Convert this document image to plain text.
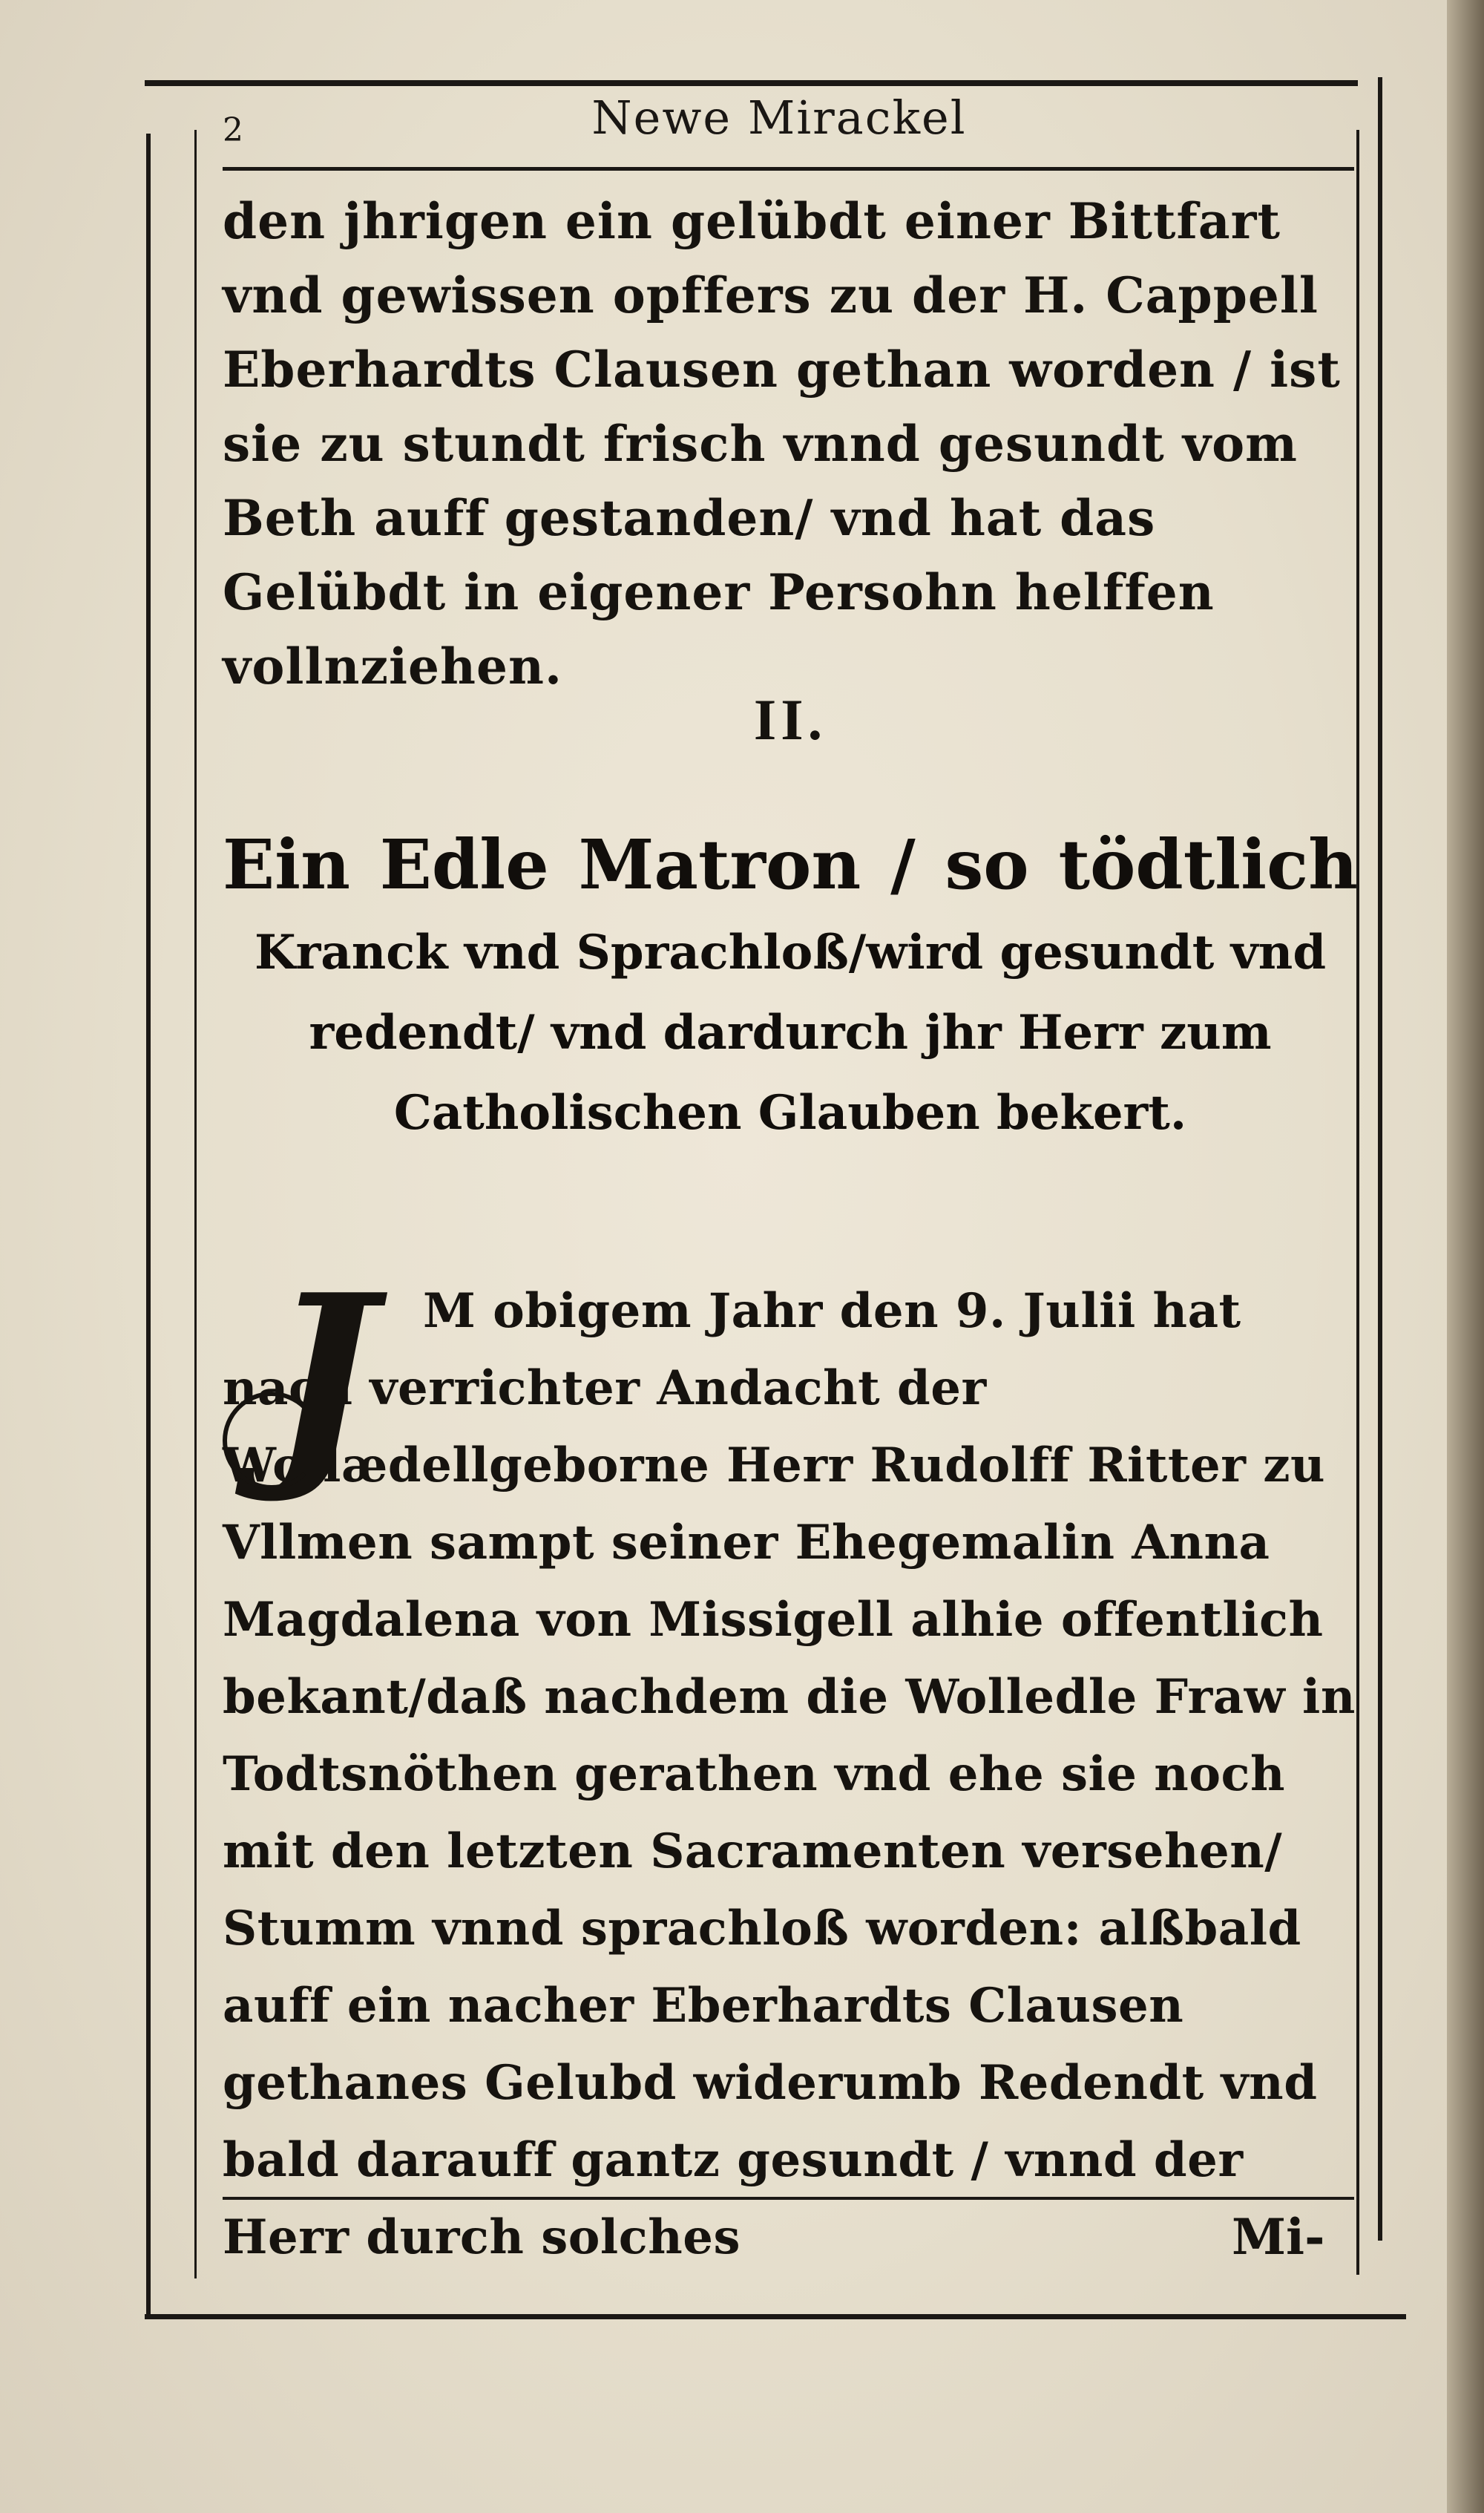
2	Newe Mirackel
den jhrigen ein gelübdt einer Bittfart vnd gewissen opffers zu der H. Cappell Eberhardts Clausen gethan worden / ist sie zu stundt frisch vnnd gesundt vom Beth auff gestanden/ vnd hat das Gelübdt in eigener Persohn helffen vollnziehen.
II.
Ein Edle Matron / so tödtlich
Kranck vnd Sprachloß/wird gesundt vnd redendt/ vnd dardurch jhr Herr zum Catholischen Glauben bekert.
J	M obigem Jahr den 9. Julii hat nach verrichter Andacht der Wollædellgeborne Herr Rudolff Ritter zu Vllmen sampt seiner Ehegemalin Anna Magdalena von Missigell alhie offentlich bekant/daß nachdem die Wolledle Fraw in Todtsnöthen gerathen vnd ehe sie noch mit den letzten Sacramenten versehen/ Stumm vnnd sprachloß worden: alßbald auff ein nacher Eberhardts Clausen gethanes Gelubd widerumb Redendt vnd bald darauff gantz gesundt / vnnd der Herr durch solches	Mi-
